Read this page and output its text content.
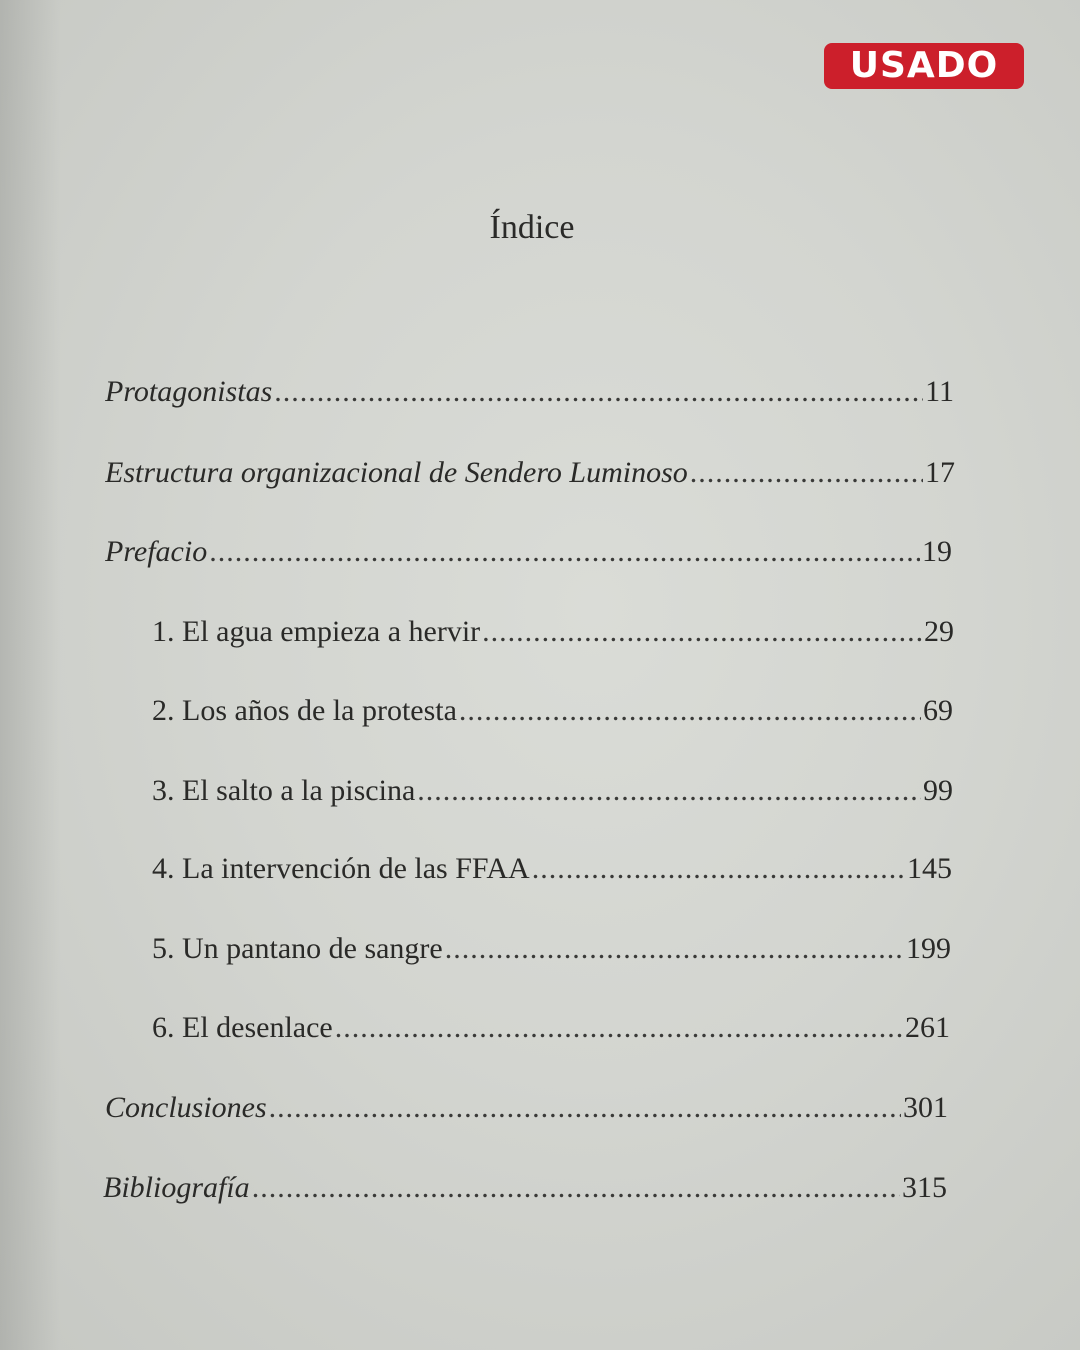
USADO
Índice
Protagonistas .....	11
Estructura organizacional de Sendero Luminoso .....	17
Prefacio .....	19
1. El agua empieza a hervir .....	29
2. Los años de la protesta .....	69
3. El salto a la piscina .....	99
4. La intervención de las FFAA .....	145
5. Un pantano de sangre .....	199
6. El desenlace .....	261
Conclusiones .....	301
Bibliografía .....	315
